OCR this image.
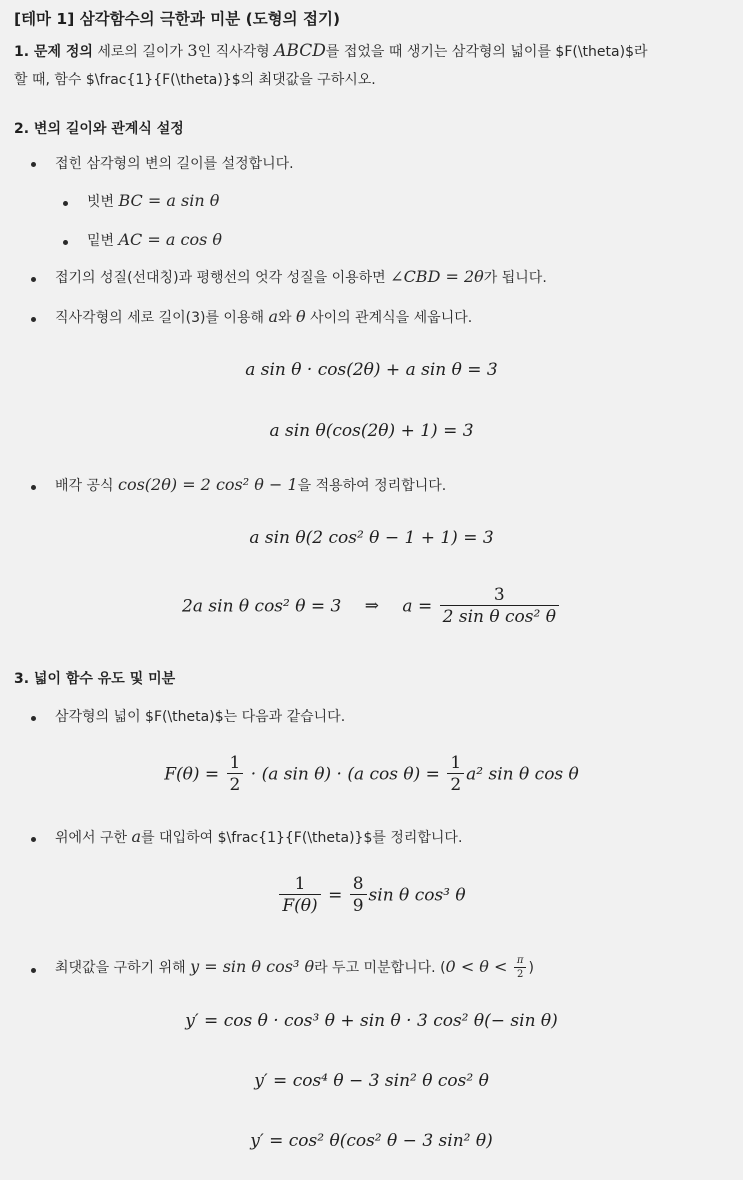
[테마 1] 삼각함수의 극한과 미분 (도형의 접기)
1. 문제 정의 세로의 길이가 3인 직사각형 ABCD를 접었을 때 생기는 삼각형의 넓이를 $F(\theta)$라
할 때, 함수 $\frac{1}{F(\theta)}$의 최댓값을 구하시오.
2. 변의 길이와 관계식 설정
접힌 삼각형의 변의 길이를 설정합니다.
빗변 BC = a sin θ
밑변 AC = a cos θ
접기의 성질(선대칭)과 평행선의 엇각 성질을 이용하면 ∠CBD = 2θ가 됩니다.
직사각형의 세로 길이(3)를 이용해 a와 θ 사이의 관계식을 세웁니다.
a sin θ · cos(2θ) + a sin θ = 3
a sin θ(cos(2θ) + 1) = 3
배각 공식 cos(2θ) = 2 cos² θ − 1을 적용하여 정리합니다.
a sin θ(2 cos² θ − 1 + 1) = 3
2a sin θ cos² θ = 3 ⇒ $a = \frac{3}{\text{2 sin θ cos² θ}}$
3. 넓이 함수 유도 및 미분
삼각형의 넓이 $F(\theta)$는 다음과 같습니다.
$F(\theta) = \frac{1}{2} \cdot (a$ sin θ) · (a $\cos \theta) = \frac{1}{2} a^2$ sin θ cos θ
위에서 구한 a를 대입하여 $\frac{1}{F(\theta)}$를 정리합니다.
$\frac{1}{F(\theta)} = \frac{8}{9}$ sin θ cos³ θ
최댓값을 구하기 위해 y = sin θ cos³ θ라 두고 미분합니다. ($0 < \theta < \frac{\pi}{2}$ )
y′ = cos θ · cos³ θ + sin θ · 3 cos² θ(− sin θ)
y′ = cos⁴ θ − 3 sin² θ cos² θ
y′ = cos² θ(cos² θ − 3 sin² θ)
